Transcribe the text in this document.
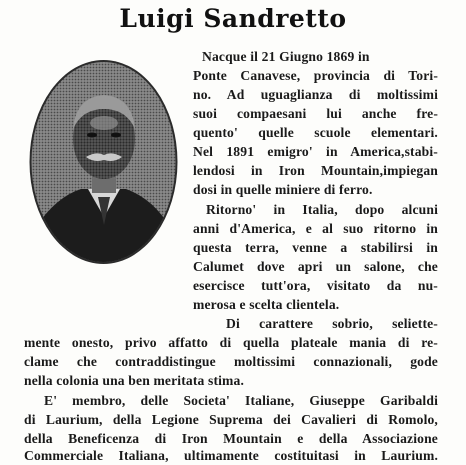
Luigi Sandretto
Nacque il 21 Giugno 1869 in
Ponte Canavese, provincia di Tori-
no. Ad uguaglianza di moltissimi
suoi compaesani lui anche fre-
quento' quelle scuole elementari.
Nel 1891 emigro' in America,stabi-
lendosi in Iron Mountain,impiegan
dosi in quelle miniere di ferro.
Ritorno' in Italia, dopo alcuni
anni d'America, e al suo ritorno in
questa terra, venne a stabilirsi in
Calumet dove apri un salone, che
esercisce tutt'ora, visitato da nu-
merosa e scelta clientela.
Di carattere sobrio, seliette-
mente onesto, privo affatto di quella plateale mania di re-
clame che contraddistingue moltissimi connazionali, gode
nella colonia una ben meritata stima.
E' membro, delle Societa' Italiane, Giuseppe Garibaldi
di Laurium, della Legione Suprema dei Cavalieri di Romolo,
della Beneficenza di Iron Mountain e della Associazione
Commerciale Italiana, ultimamente costituitasi in Laurium.
